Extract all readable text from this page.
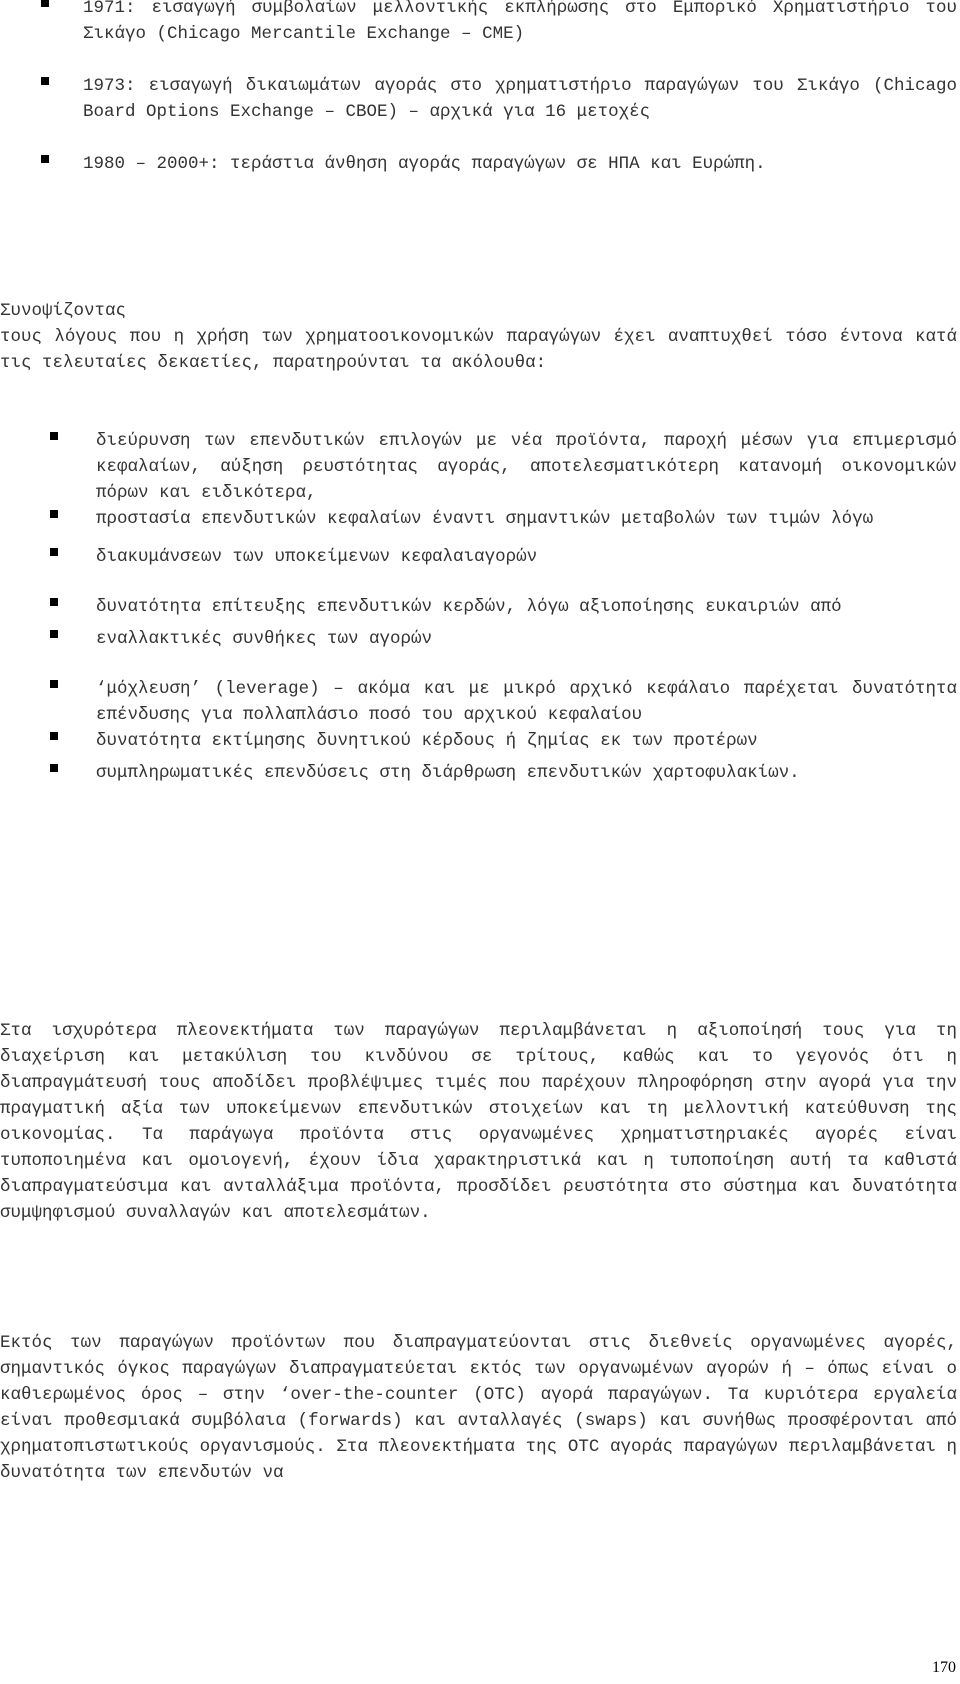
1971: εισαγωγή συμβολαίων μελλοντικής εκπλήρωσης στο Εμπορικό Χρηματιστήριο του Σικάγο (Chicago Mercantile Exchange – CME)
1973: εισαγωγή δικαιωμάτων αγοράς στο χρηματιστήριο παραγώγων του Σικάγο (Chicago Board Options Exchange – CBOE) – αρχικά για 16 μετοχές
1980 – 2000+: τεράστια άνθηση αγοράς παραγώγων σε ΗΠΑ και Ευρώπη.

Συνοψίζοντας

τους λόγους που η χρήση των χρηματοοικονομικών παραγώγων έχει αναπτυχθεί τόσο έντονα κατά τις τελευταίες δεκαετίες, παρατηρούνται τα ακόλουθα:

διεύρυνση των επενδυτικών επιλογών με νέα προϊόντα, παροχή μέσων για επιμερισμό κεφαλαίων, αύξηση ρευστότητας αγοράς, αποτελεσματικότερη κατανομή οικονομικών πόρων και ειδικότερα,
προστασία επενδυτικών κεφαλαίων έναντι σημαντικών μεταβολών των τιμών λόγω
διακυμάνσεων των υποκείμενων κεφαλαιαγορών
δυνατότητα επίτευξης επενδυτικών κερδών, λόγω αξιοποίησης ευκαιριών από
εναλλακτικές συνθήκες των αγορών
‘μόχλευση’ (leverage) – ακόμα και με μικρό αρχικό κεφάλαιο παρέχεται δυνατότητα επένδυσης για πολλαπλάσιο ποσό του αρχικού κεφαλαίου
δυνατότητα εκτίμησης δυνητικού κέρδους ή ζημίας εκ των προτέρων
συμπληρωματικές επενδύσεις στη διάρθρωση επενδυτικών χαρτοφυλακίων.

Στα ισχυρότερα πλεονεκτήματα των παραγώγων περιλαμβάνεται η αξιοποίησή τους για τη διαχείριση και μετακύλιση του κινδύνου σε τρίτους, καθώς και το γεγονός ότι η διαπραγμάτευσή τους αποδίδει προβλέψιμες τιμές που παρέχουν πληροφόρηση στην αγορά για την πραγματική αξία των υποκείμενων επενδυτικών στοιχείων και τη μελλοντική κατεύθυνση της οικονομίας. Τα παράγωγα προϊόντα στις οργανωμένες χρηματιστηριακές αγορές είναι τυποποιημένα και ομοιογενή, έχουν ίδια χαρακτηριστικά και η τυποποίηση αυτή τα καθιστά διαπραγματεύσιμα και ανταλλάξιμα προϊόντα, προσδίδει ρευστότητα στο σύστημα και δυνατότητα συμψηφισμού συναλλαγών και αποτελεσμάτων.

Εκτός των παραγώγων προϊόντων που διαπραγματεύονται στις διεθνείς οργανωμένες αγορές, σημαντικός όγκος παραγώγων διαπραγματεύεται εκτός των οργανωμένων αγορών ή – όπως είναι ο καθιερωμένος όρος – στην ‘over-the-counter (OTC) αγορά παραγώγων. Τα κυριότερα εργαλεία είναι προθεσμιακά συμβόλαια (forwards) και ανταλλαγές (swaps) και συνήθως προσφέρονται από χρηματοπιστωτικούς οργανισμούς. Στα πλεονεκτήματα της OTC αγοράς παραγώγων περιλαμβάνεται η δυνατότητα των επενδυτών να

170
